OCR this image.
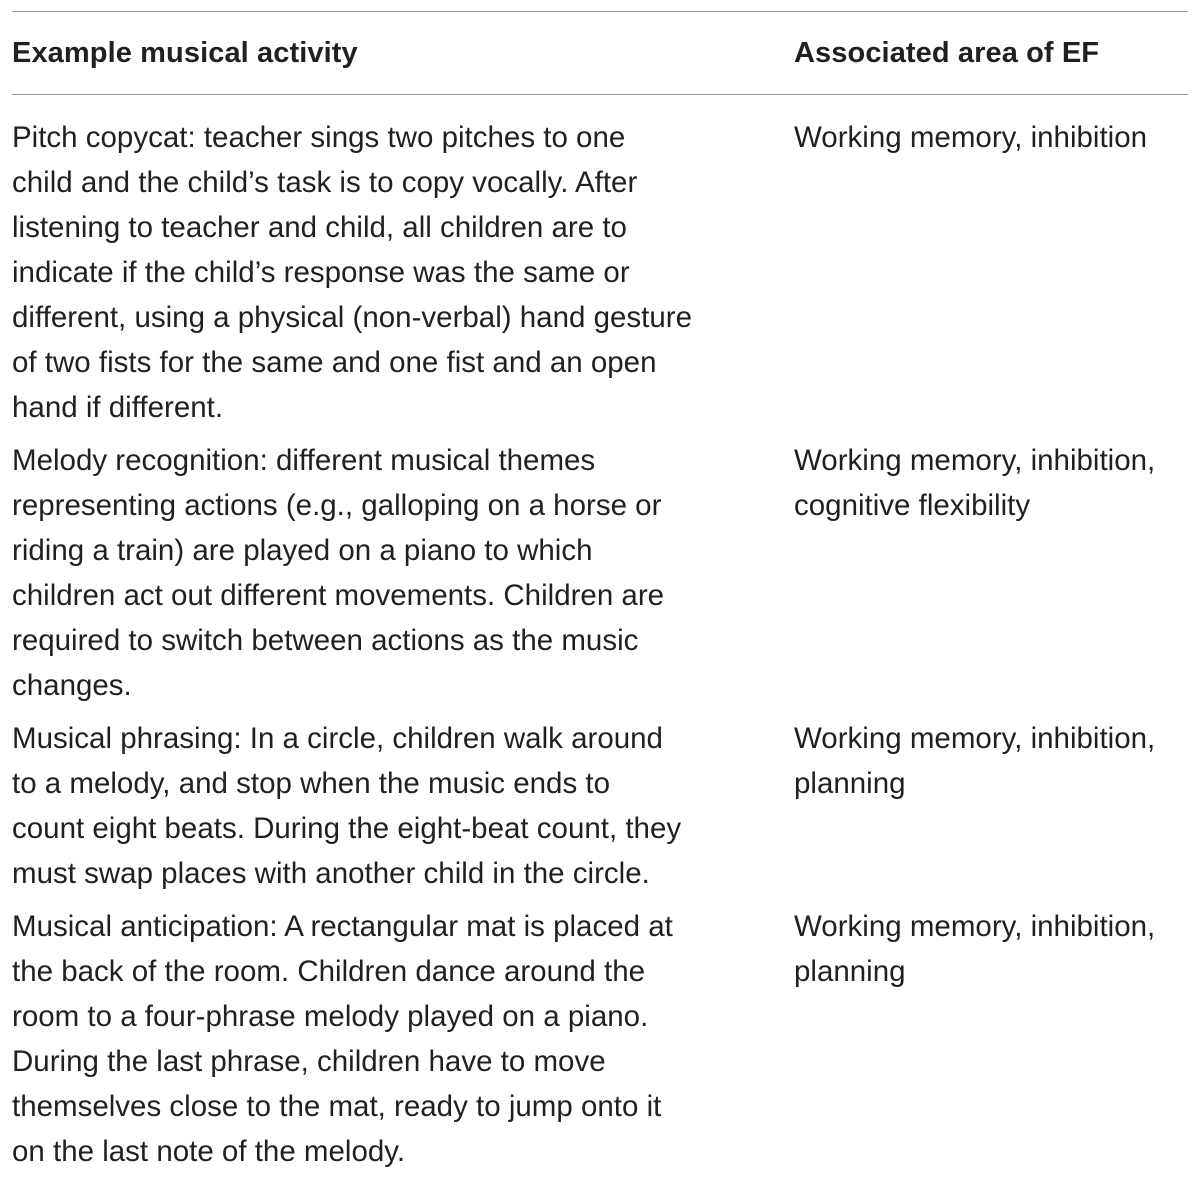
Example musical activity	Associated area of EF
Pitch copycat: teacher sings two pitches to one
child and the child’s task is to copy vocally. After
listening to teacher and child, all children are to
indicate if the child’s response was the same or
different, using a physical (non-verbal) hand gesture
of two fists for the same and one fist and an open
hand if different.
Working memory, inhibition
Melody recognition: different musical themes
representing actions (e.g., galloping on a horse or
riding a train) are played on a piano to which
children act out different movements. Children are
required to switch between actions as the music
changes.
Working memory, inhibition,
cognitive flexibility
Musical phrasing: In a circle, children walk around
to a melody, and stop when the music ends to
count eight beats. During the eight-beat count, they
must swap places with another child in the circle.
Working memory, inhibition,
planning
Musical anticipation: A rectangular mat is placed at
the back of the room. Children dance around the
room to a four-phrase melody played on a piano.
During the last phrase, children have to move
themselves close to the mat, ready to jump onto it
on the last note of the melody.
Working memory, inhibition,
planning
